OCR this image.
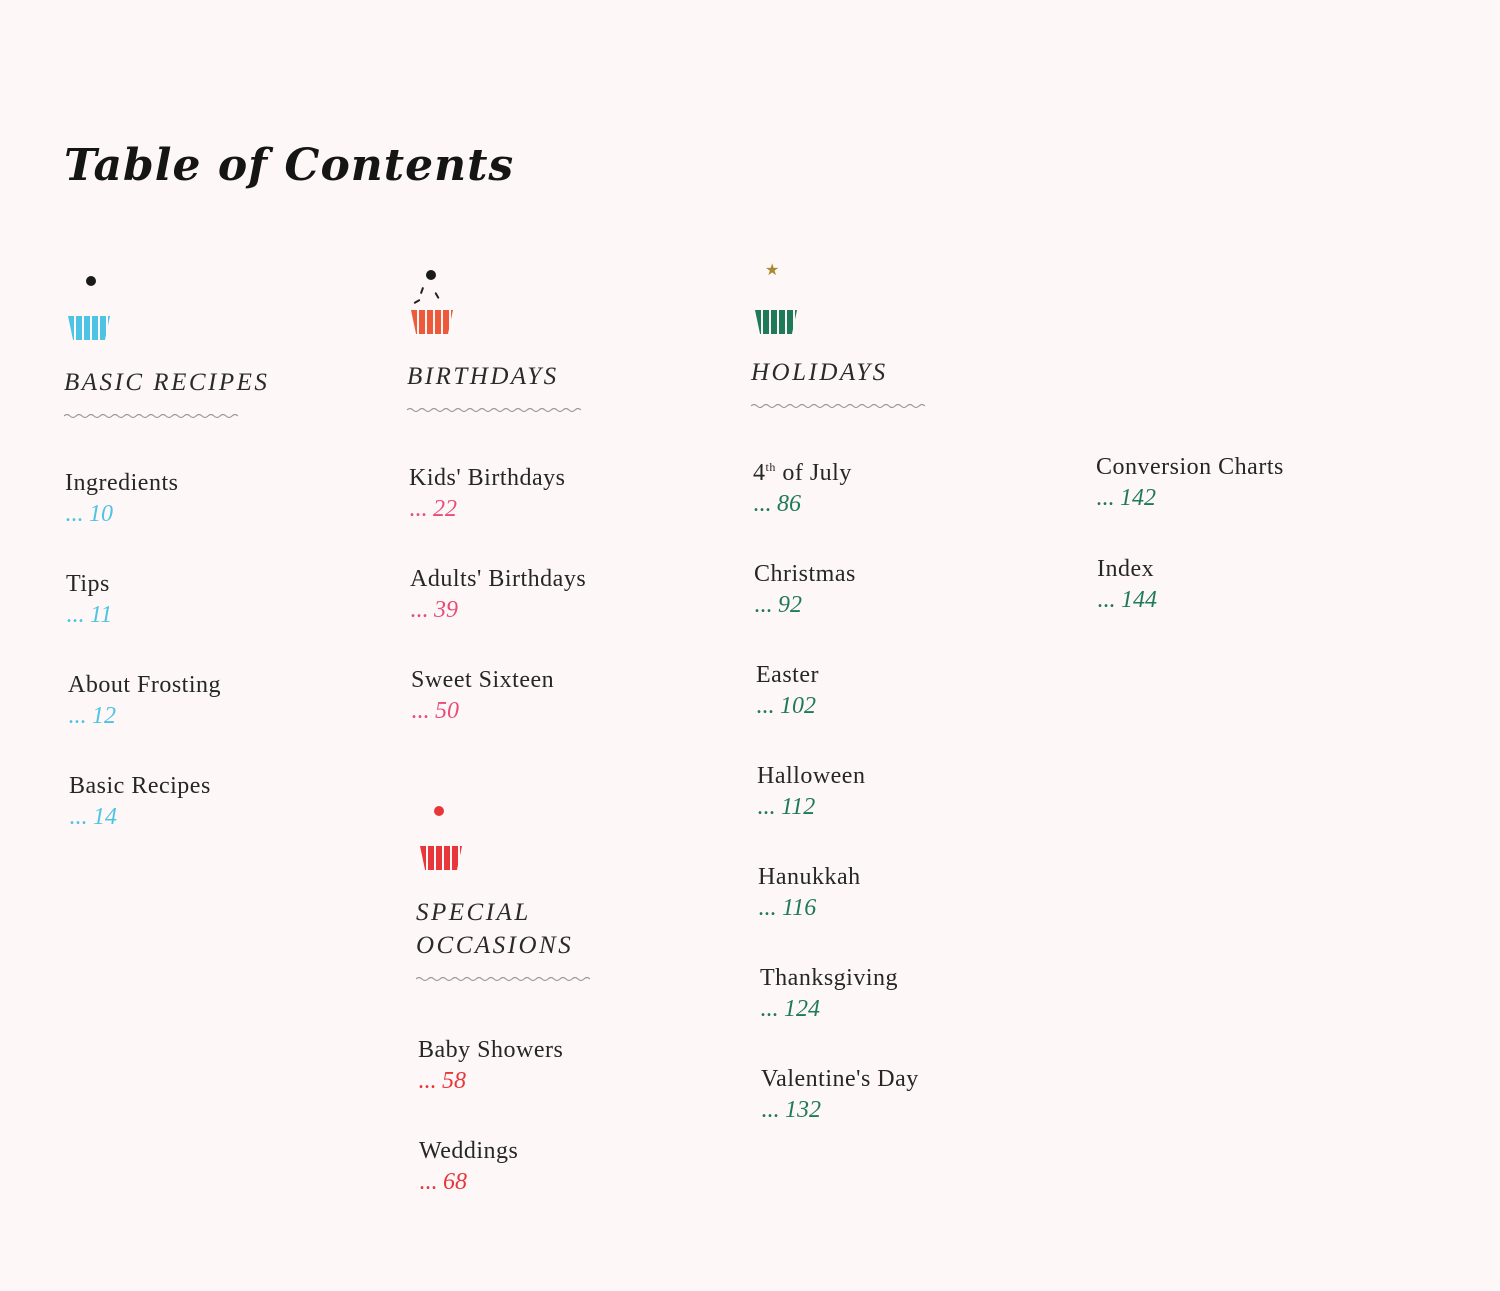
Table of Contents
BASIC RECIPES
Ingredients
... 10
Tips
... 11
About Frosting
... 12
Basic Recipes
... 14
BIRTHDAYS
Kids' Birthdays
... 22
Adults' Birthdays
... 39
Sweet Sixteen
... 50
SPECIAL
OCCASIONS
Baby Showers
... 58
Weddings
... 68
★
HOLIDAYS
4th of July
... 86
Christmas
... 92
Easter
... 102
Halloween
... 112
Hanukkah
... 116
Thanksgiving
... 124
Valentine's Day
... 132
Conversion Charts
... 142
Index
... 144
